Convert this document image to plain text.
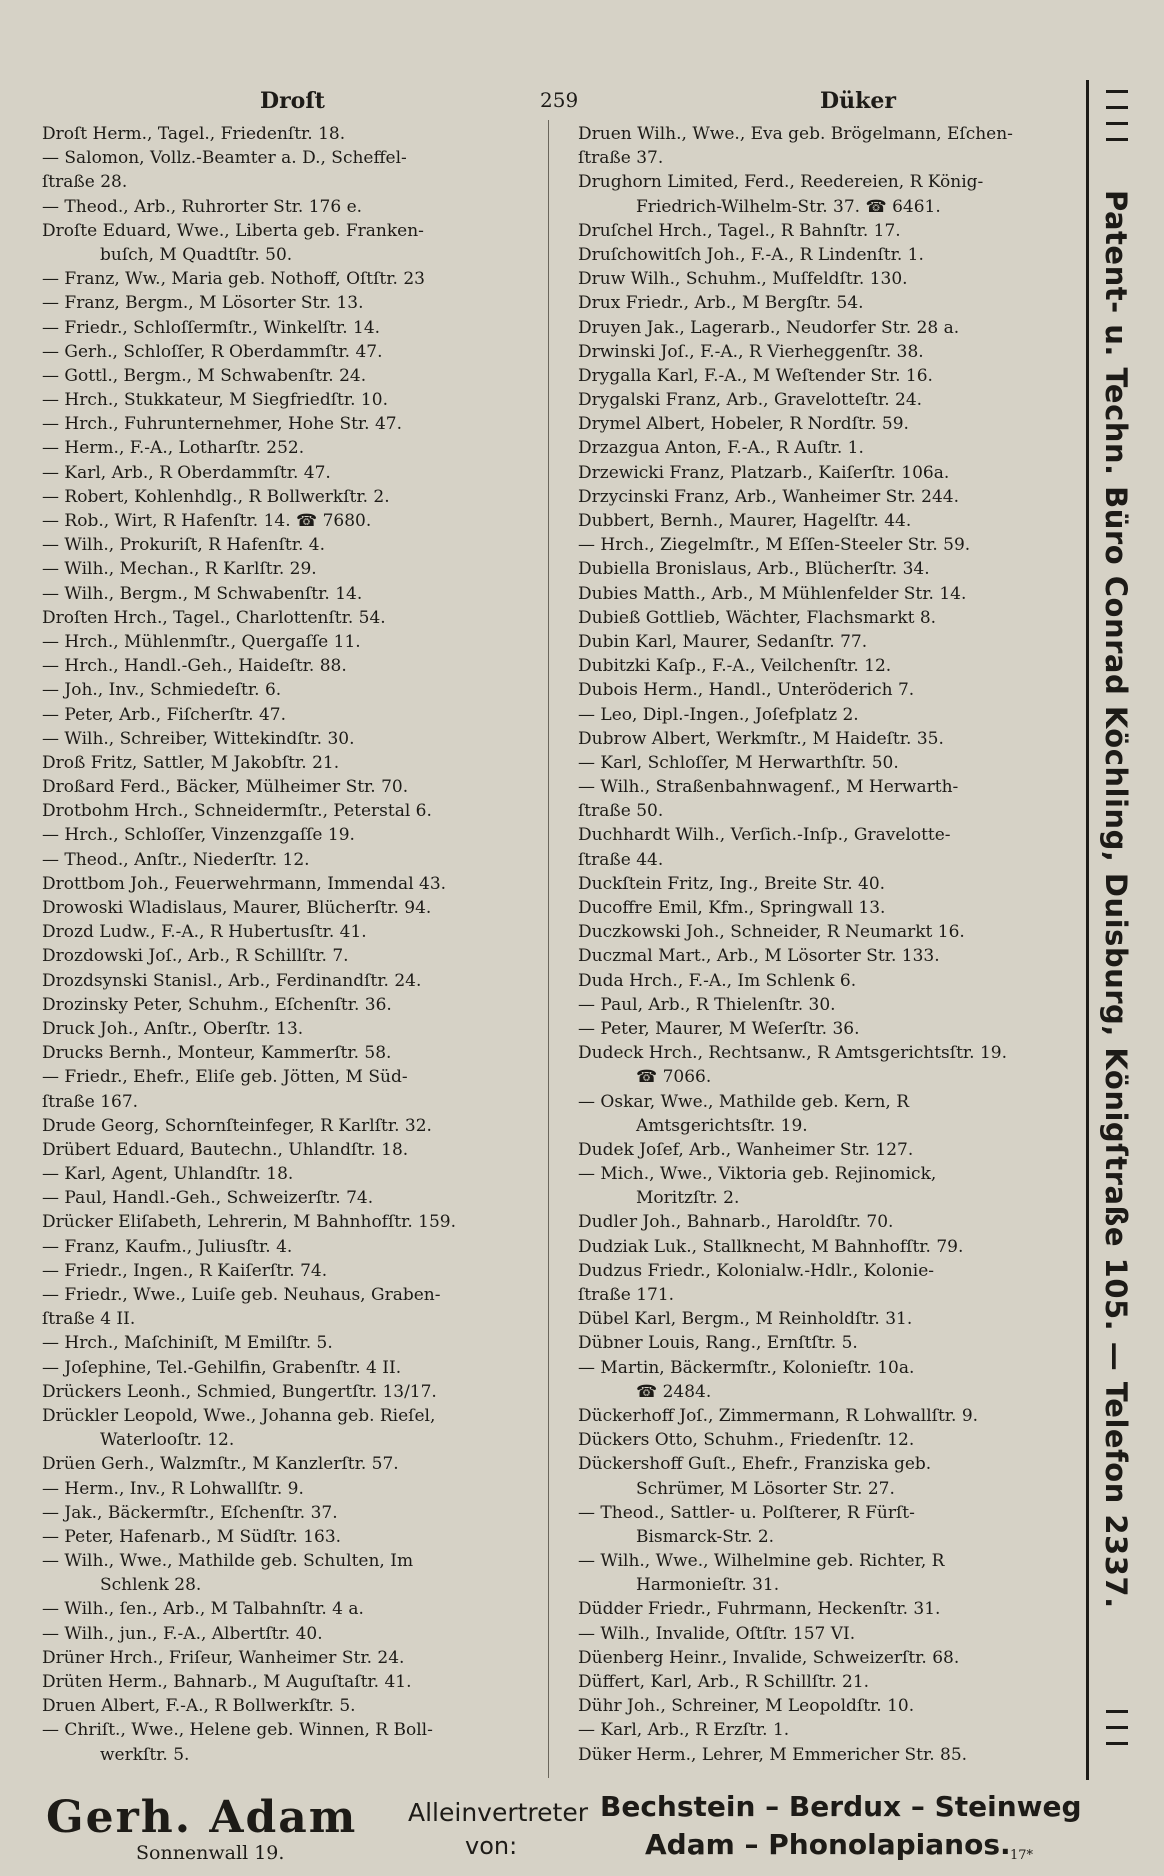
Droſt	259	Düker
Droſt Herm., Tagel., Friedenſtr. 18.
— Salomon, Vollz.-Beamter a. D., Scheffel-
ſtraße 28.
— Theod., Arb., Ruhrorter Str. 176 e.
Droſte Eduard, Wwe., Liberta geb. Franken-
buſch, M Quadtſtr. 50.
— Franz, Ww., Maria geb. Nothoff, Oſtſtr. 23
— Franz, Bergm., M Lösorter Str. 13.
— Friedr., Schloſſermſtr., Winkelſtr. 14.
— Gerh., Schloſſer, R Oberdammſtr. 47.
— Gottl., Bergm., M Schwabenſtr. 24.
— Hrch., Stukkateur, M Siegfriedſtr. 10.
— Hrch., Fuhrunternehmer, Hohe Str. 47.
— Herm., F.-A., Lotharſtr. 252.
— Karl, Arb., R Oberdammſtr. 47.
— Robert, Kohlenhdlg., R Bollwerkſtr. 2.
— Rob., Wirt, R Hafenſtr. 14. ☎ 7680.
— Wilh., Prokuriſt, R Hafenſtr. 4.
— Wilh., Mechan., R Karlſtr. 29.
— Wilh., Bergm., M Schwabenſtr. 14.
Droſten Hrch., Tagel., Charlottenſtr. 54.
— Hrch., Mühlenmſtr., Quergaſſe 11.
— Hrch., Handl.-Geh., Haideſtr. 88.
— Joh., Inv., Schmiedeſtr. 6.
— Peter, Arb., Fiſcherſtr. 47.
— Wilh., Schreiber, Wittekindſtr. 30.
Droß Fritz, Sattler, M Jakobſtr. 21.
Droßard Ferd., Bäcker, Mülheimer Str. 70.
Drotbohm Hrch., Schneidermſtr., Peterstal 6.
— Hrch., Schloſſer, Vinzenzgaſſe 19.
— Theod., Anſtr., Niederſtr. 12.
Drottbom Joh., Feuerwehrmann, Immendal 43.
Drowoski Wladislaus, Maurer, Blücherſtr. 94.
Drozd Ludw., F.-A., R Hubertusſtr. 41.
Drozdowski Joſ., Arb., R Schillſtr. 7.
Drozdsynski Stanisl., Arb., Ferdinandſtr. 24.
Drozinsky Peter, Schuhm., Eſchenſtr. 36.
Druck Joh., Anſtr., Oberſtr. 13.
Drucks Bernh., Monteur, Kammerſtr. 58.
— Friedr., Ehefr., Eliſe geb. Jötten, M Süd-
ſtraße 167.
Drude Georg, Schornſteinfeger, R Karlſtr. 32.
Drübert Eduard, Bautechn., Uhlandſtr. 18.
— Karl, Agent, Uhlandſtr. 18.
— Paul, Handl.-Geh., Schweizerſtr. 74.
Drücker Eliſabeth, Lehrerin, M Bahnhofſtr. 159.
— Franz, Kaufm., Juliusſtr. 4.
— Friedr., Ingen., R Kaiſerſtr. 74.
— Friedr., Wwe., Luiſe geb. Neuhaus, Graben-
ſtraße 4 II.
— Hrch., Maſchiniſt, M Emilſtr. 5.
— Joſephine, Tel.-Gehilfin, Grabenſtr. 4 II.
Drückers Leonh., Schmied, Bungertſtr. 13/17.
Drückler Leopold, Wwe., Johanna geb. Rieſel,
Waterlooſtr. 12.
Drüen Gerh., Walzmſtr., M Kanzlerſtr. 57.
— Herm., Inv., R Lohwallſtr. 9.
— Jak., Bäckermſtr., Eſchenſtr. 37.
— Peter, Hafenarb., M Südſtr. 163.
— Wilh., Wwe., Mathilde geb. Schulten, Im
Schlenk 28.
— Wilh., ſen., Arb., M Talbahnſtr. 4 a.
— Wilh., jun., F.-A., Albertſtr. 40.
Drüner Hrch., Friſeur, Wanheimer Str. 24.
Drüten Herm., Bahnarb., M Auguſtaſtr. 41.
Druen Albert, F.-A., R Bollwerkſtr. 5.
— Chriſt., Wwe., Helene geb. Winnen, R Boll-
werkſtr. 5.
Druen Wilh., Wwe., Eva geb. Brögelmann, Eſchen-
ſtraße 37.
Drughorn Limited, Ferd., Reedereien, R König-
Friedrich-Wilhelm-Str. 37. ☎ 6461.
Druſchel Hrch., Tagel., R Bahnſtr. 17.
Druſchowitſch Joh., F.-A., R Lindenſtr. 1.
Druw Wilh., Schuhm., Muſfeldſtr. 130.
Drux Friedr., Arb., M Bergſtr. 54.
Druyen Jak., Lagerarb., Neudorfer Str. 28 a.
Drwinski Joſ., F.-A., R Vierheggenſtr. 38.
Drygalla Karl, F.-A., M Weſtender Str. 16.
Drygalski Franz, Arb., Gravelotteſtr. 24.
Drymel Albert, Hobeler, R Nordſtr. 59.
Drzazgua Anton, F.-A., R Auſtr. 1.
Drzewicki Franz, Platzarb., Kaiſerſtr. 106a.
Drzycinski Franz, Arb., Wanheimer Str. 244.
Dubbert, Bernh., Maurer, Hagelſtr. 44.
— Hrch., Ziegelmſtr., M Eſſen-Steeler Str. 59.
Dubiella Bronislaus, Arb., Blücherſtr. 34.
Dubies Matth., Arb., M Mühlenfelder Str. 14.
Dubieß Gottlieb, Wächter, Flachsmarkt 8.
Dubin Karl, Maurer, Sedanſtr. 77.
Dubitzki Kaſp., F.-A., Veilchenſtr. 12.
Dubois Herm., Handl., Unteröderich 7.
— Leo, Dipl.-Ingen., Joſefplatz 2.
Dubrow Albert, Werkmſtr., M Haideſtr. 35.
— Karl, Schloſſer, M Herwarthſtr. 50.
— Wilh., Straßenbahnwagenf., M Herwarth-
ſtraße 50.
Duchhardt Wilh., Verſich.-Inſp., Gravelotte-
ſtraße 44.
Duckſtein Fritz, Ing., Breite Str. 40.
Ducoffre Emil, Kfm., Springwall 13.
Duczkowski Joh., Schneider, R Neumarkt 16.
Duczmal Mart., Arb., M Lösorter Str. 133.
Duda Hrch., F.-A., Im Schlenk 6.
— Paul, Arb., R Thielenſtr. 30.
— Peter, Maurer, M Weſerſtr. 36.
Dudeck Hrch., Rechtsanw., R Amtsgerichtsſtr. 19.
☎ 7066.
— Oskar, Wwe., Mathilde geb. Kern, R
Amtsgerichtsſtr. 19.
Dudek Joſef, Arb., Wanheimer Str. 127.
— Mich., Wwe., Viktoria geb. Rejinomick,
Moritzſtr. 2.
Dudler Joh., Bahnarb., Haroldſtr. 70.
Dudziak Luk., Stallknecht, M Bahnhofſtr. 79.
Dudzus Friedr., Kolonialw.-Hdlr., Kolonie-
ſtraße 171.
Dübel Karl, Bergm., M Reinholdſtr. 31.
Dübner Louis, Rang., Ernſtſtr. 5.
— Martin, Bäckermſtr., Kolonieſtr. 10a.
☎ 2484.
Dückerhoff Joſ., Zimmermann, R Lohwallſtr. 9.
Dückers Otto, Schuhm., Friedenſtr. 12.
Dückershoff Guſt., Ehefr., Franziska geb.
Schrümer, M Lösorter Str. 27.
— Theod., Sattler- u. Polſterer, R Fürſt-
Bismarck-Str. 2.
— Wilh., Wwe., Wilhelmine geb. Richter, R
Harmonieſtr. 31.
Düdder Friedr., Fuhrmann, Heckenſtr. 31.
— Wilh., Invalide, Oſtſtr. 157 VI.
Düenberg Heinr., Invalide, Schweizerſtr. 68.
Düffert, Karl, Arb., R Schillſtr. 21.
Dühr Joh., Schreiner, M Leopoldſtr. 10.
— Karl, Arb., R Erzſtr. 1.
Düker Herm., Lehrer, M Emmericher Str. 85.
Patent- u. Techn. Büro Conrad Köchling, Duisburg, Königſtraße 105. — Telefon 2337.
Gerh. Adam
Sonnenwall 19.
Alleinvertreter
von:
Bechstein – Berdux – Steinweg
Adam – Phonolapianos. 17*
